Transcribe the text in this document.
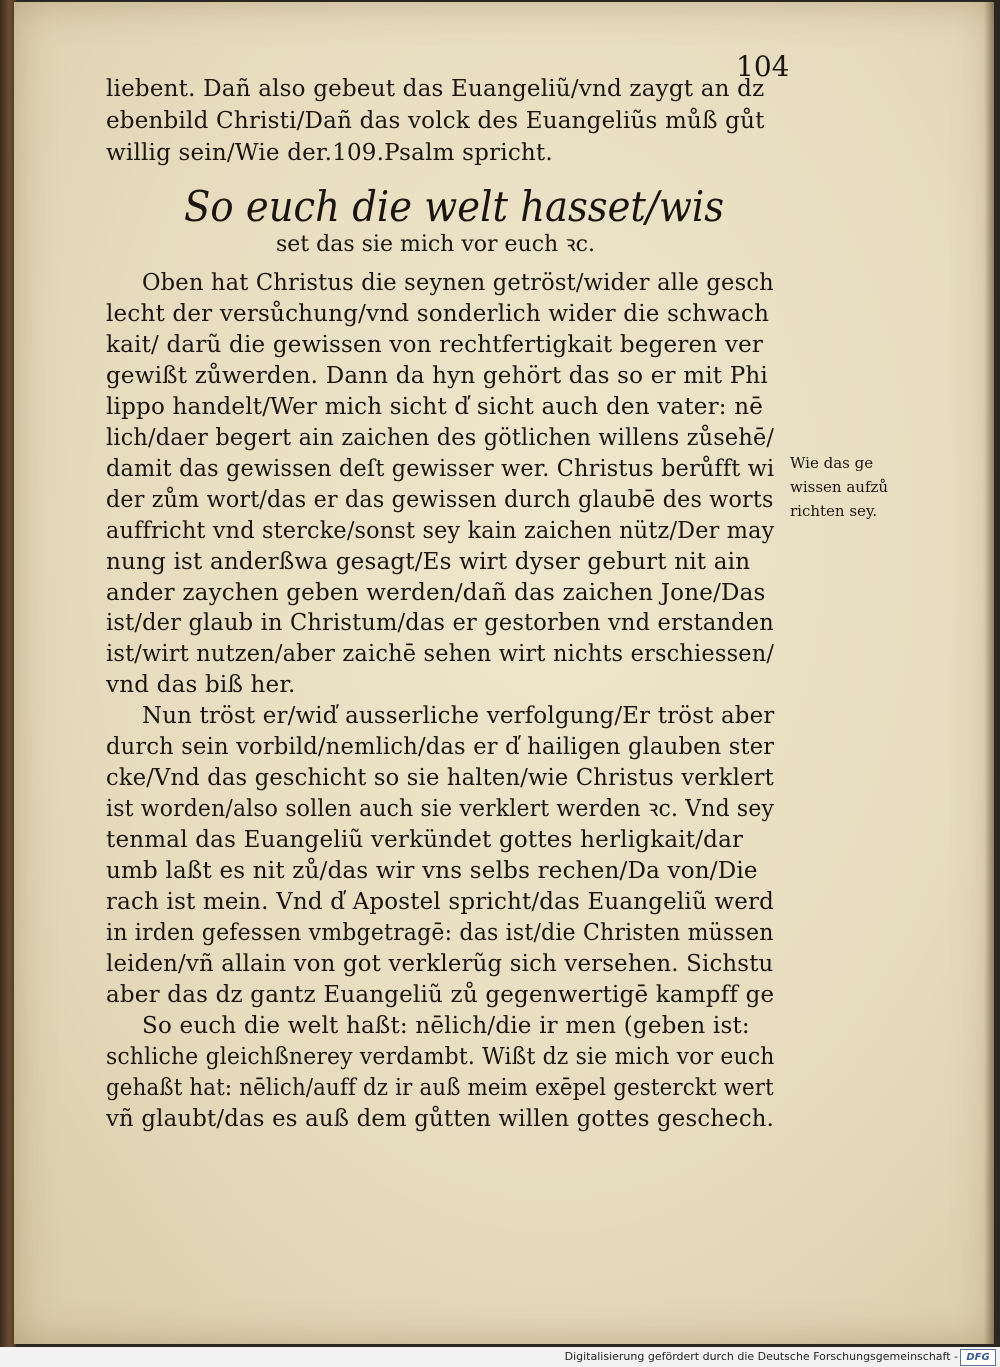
104
liebent. Dañ also gebeut das Euangeliũ/vnd zaygt an dz
ebenbild Christi/Dañ das volck des Euangeliũs můß gůt
willig sein/Wie der.109.Psalm spricht.
So euch die welt hasset/wis
set das sie mich vor euch ꝛc.
Oben hat Christus die seynen getröst/wider alle gesch
lecht der versůchung/vnd sonderlich wider die schwach
kait/ darũ die gewissen von rechtfertigkait begeren ver
gewißt zůwerden. Dann da hyn gehört das so er mit Phi
lippo handelt/Wer mich sicht d̕ sicht auch den vater: nē
lich/daer begert ain zaichen des götlichen willens zůsehē/
damit das gewissen deſt gewisser wer. Christus berůfft wi
der zům wort/das er das gewissen durch glaubē des worts
auffricht vnd stercke/sonst sey kain zaichen nütz/Der may
nung ist anderßwa gesagt/Es wirt dyser geburt nit ain
ander zaychen geben werden/dañ das zaichen Jone/Das
ist/der glaub in Christum/das er gestorben vnd erstanden
ist/wirt nutzen/aber zaichē sehen wirt nichts erschiessen/
vnd das biß her.
Nun tröst er/wid̕ ausserliche verfolgung/Er tröst aber
durch sein vorbild/nemlich/das er d̕ hailigen glauben ster
cke/Vnd das geschicht so sie halten/wie Christus verklert
ist worden/also sollen auch sie verklert werden ꝛc. Vnd sey
tenmal das Euangeliũ verkündet gottes herligkait/dar
umb laßt es nit zů/das wir vns selbs rechen/Da von/Die
rach ist mein. Vnd d̕ Apostel spricht/das Euangeliũ werd
in irden gefessen vmbgetragē: das ist/die Christen müssen
leiden/vñ allain von got verklerũg sich versehen. Sichstu
aber das dz gantz Euangeliũ zů gegenwertigē kampff ge
So euch die welt haßt: nēlich/die ir men (geben ist:
schliche gleichßnerey verdambt. Wißt dz sie mich vor euch
gehaßt hat: nēlich/auff dz ir auß meim exēpel gesterckt wert
vñ glaubt/das es auß dem gůtten willen gottes geschech.
Wie das ge
wissen aufzů
richten sey.
Digitalisierung gefördert durch die Deutsche Forschungsgemeinschaft - DFG
